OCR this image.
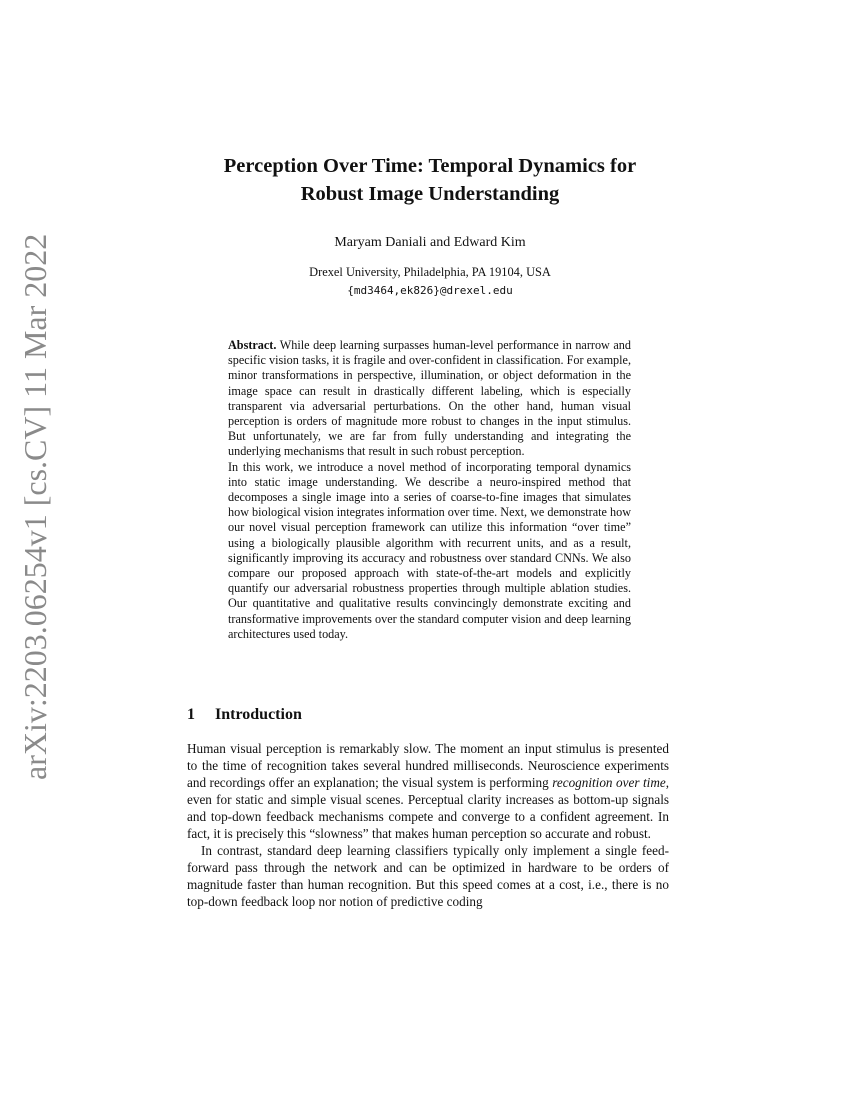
arXiv:2203.06254v1 [cs.CV] 11 Mar 2022
Perception Over Time: Temporal Dynamics for
Robust Image Understanding
Maryam Daniali and Edward Kim
Drexel University, Philadelphia, PA 19104, USA
{md3464,ek826}@drexel.edu

Abstract. While deep learning surpasses human-level performance in narrow and specific vision tasks, it is fragile and over-confident in classification. For example, minor transformations in perspective, illumination, or object deformation in the image space can result in drastically different labeling, which is especially transparent via adversarial perturbations. On the other hand, human visual perception is orders of magnitude more robust to changes in the input stimulus. But unfortunately, we are far from fully understanding and integrating the underlying mechanisms that result in such robust perception.

In this work, we introduce a novel method of incorporating temporal dynamics into static image understanding. We describe a neuro-inspired method that decomposes a single image into a series of coarse-to-fine images that simulates how biological vision integrates information over time. Next, we demonstrate how our novel visual perception framework can utilize this information “over time” using a biologically plausible algorithm with recurrent units, and as a result, significantly improving its accuracy and robustness over standard CNNs. We also compare our proposed approach with state-of-the-art models and explicitly quantify our adversarial robustness properties through multiple ablation studies. Our quantitative and qualitative results convincingly demonstrate exciting and transformative improvements over the standard computer vision and deep learning architectures used today.

1 Introduction

Human visual perception is remarkably slow. The moment an input stimulus is presented to the time of recognition takes several hundred milliseconds. Neuroscience experiments and recordings offer an explanation; the visual system is performing recognition over time, even for static and simple visual scenes. Perceptual clarity increases as bottom-up signals and top-down feedback mechanisms compete and converge to a confident agreement. In fact, it is precisely this “slowness” that makes human perception so accurate and robust.

In contrast, standard deep learning classifiers typically only implement a single feed-forward pass through the network and can be optimized in hardware to be orders of magnitude faster than human recognition. But this speed comes at a cost, i.e., there is no top-down feedback loop nor notion of predictive coding
